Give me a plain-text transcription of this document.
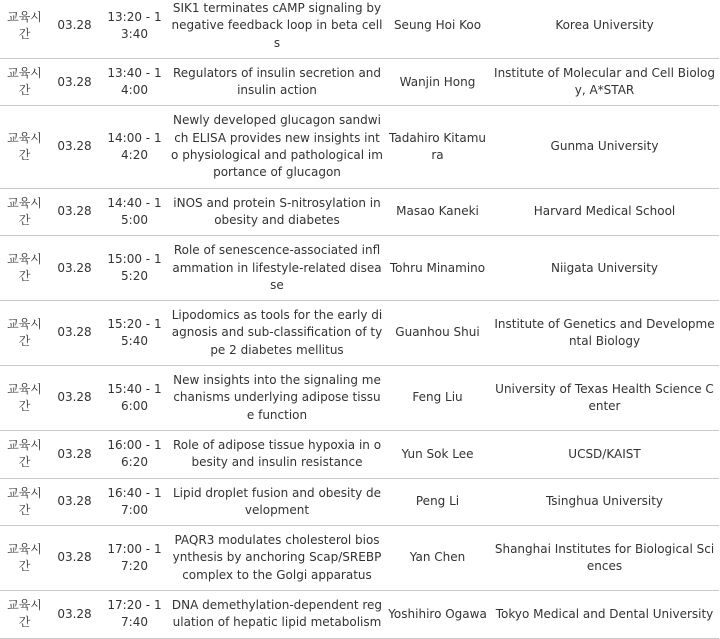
교육시간	03.28	13:20 - 13:40	SIK1 terminates cAMP signaling by negative feedback loop in beta cells	Seung Hoi Koo	Korea University
교육시간	03.28	13:40 - 14:00	Regulators of insulin secretion and insulin action	Wanjin Hong	Institute of Molecular and Cell Biology, A*STAR
교육시간	03.28	14:00 - 14:20	Newly developed glucagon sandwich ELISA provides new insights into physiological and pathological importance of glucagon	Tadahiro Kitamura	Gunma University
교육시간	03.28	14:40 - 15:00	iNOS and protein S-nitrosylation in obesity and diabetes	Masao Kaneki	Harvard Medical School
교육시간	03.28	15:00 - 15:20	Role of senescence-associated inflammation in lifestyle-related disease	Tohru Minamino	Niigata University
교육시간	03.28	15:20 - 15:40	Lipodomics as tools for the early diagnosis and sub-classification of type 2 diabetes mellitus	Guanhou Shui	Institute of Genetics and Developmental Biology
교육시간	03.28	15:40 - 16:00	New insights into the signaling mechanisms underlying adipose tissue function	Feng Liu	University of Texas Health Science Center
교육시간	03.28	16:00 - 16:20	Role of adipose tissue hypoxia in obesity and insulin resistance	Yun Sok Lee	UCSD/KAIST
교육시간	03.28	16:40 - 17:00	Lipid droplet fusion and obesity development	Peng Li	Tsinghua University
교육시간	03.28	17:00 - 17:20	PAQR3 modulates cholesterol biosynthesis by anchoring Scap/SREBP complex to the Golgi apparatus	Yan Chen	Shanghai Institutes for Biological Sciences
교육시간	03.28	17:20 - 17:40	DNA demethylation-dependent regulation of hepatic lipid metabolism	Yoshihiro Ogawa	Tokyo Medical and Dental University
